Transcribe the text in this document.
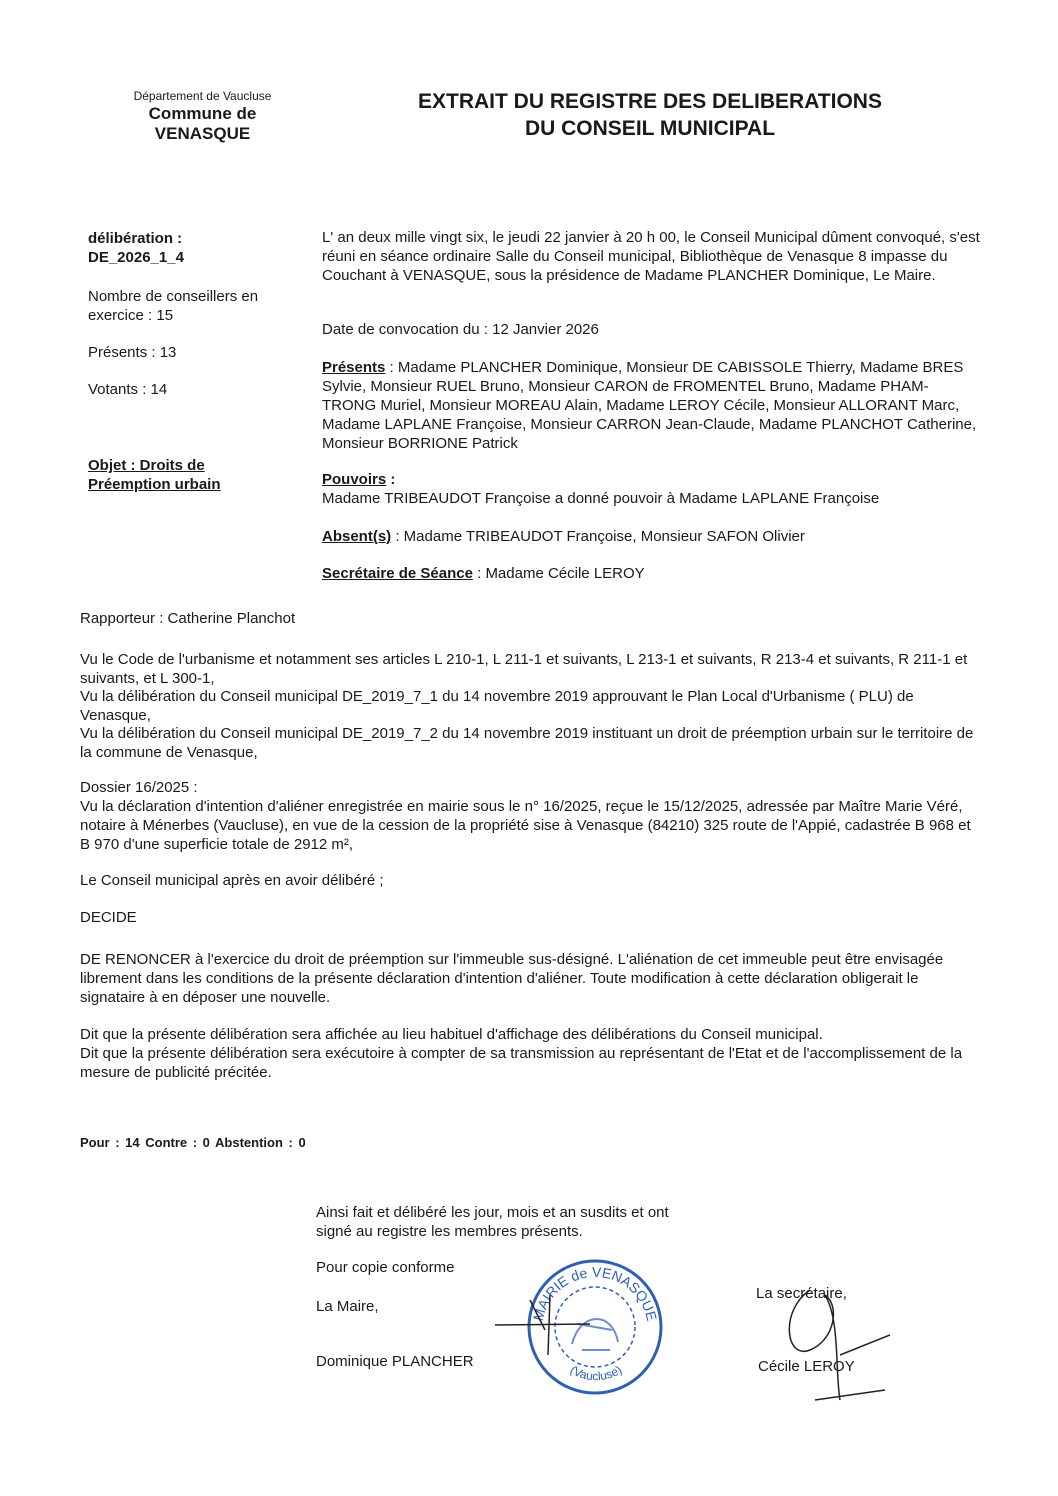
Département de Vaucluse
Commune de
VENASQUE
EXTRAIT DU REGISTRE DES DELIBERATIONS
DU CONSEIL MUNICIPAL
délibération :
DE_2026_1_4
Nombre de conseillers en
exercice : 15
Présents : 13
Votants : 14
Objet : Droits de
Préemption urbain

L' an deux mille vingt six, le jeudi 22 janvier à 20 h 00, le Conseil Municipal dûment convoqué, s'est réuni en séance ordinaire Salle du Conseil municipal, Bibliothèque de Venasque 8 impasse du Couchant à VENASQUE, sous la présidence de Madame PLANCHER Dominique, Le Maire.

Date de convocation du : 12 Janvier 2026

Présents : Madame PLANCHER Dominique, Monsieur DE CABISSOLE Thierry, Madame BRES Sylvie, Monsieur RUEL Bruno, Monsieur CARON de FROMENTEL Bruno, Madame PHAM-TRONG Muriel, Monsieur MOREAU Alain, Madame LEROY Cécile, Monsieur ALLORANT Marc, Madame LAPLANE Françoise, Monsieur CARRON Jean-Claude, Madame PLANCHOT Catherine, Monsieur BORRIONE Patrick

Pouvoirs :
Madame TRIBEAUDOT Françoise a donné pouvoir à Madame LAPLANE Françoise

Absent(s) : Madame TRIBEAUDOT Françoise, Monsieur SAFON Olivier

Secrétaire de Séance : Madame Cécile LEROY

Rapporteur : Catherine Planchot

Vu le Code de l'urbanisme et notamment ses articles L 210-1, L 211-1 et suivants, L 213-1 et suivants, R 213-4 et suivants, R 211-1 et suivants, et L 300-1,

Vu la délibération du Conseil municipal DE_2019_7_1 du 14 novembre 2019 approuvant le Plan Local d'Urbanisme ( PLU) de Venasque,

Vu la délibération du Conseil municipal DE_2019_7_2 du 14 novembre 2019 instituant un droit de préemption urbain sur le territoire de la commune de Venasque,

Dossier 16/2025 :

Vu la déclaration d'intention d'aliéner enregistrée en mairie sous le n° 16/2025, reçue le 15/12/2025, adressée par Maître Marie Véré, notaire à Ménerbes (Vaucluse), en vue de la cession de la propriété sise à Venasque (84210) 325 route de l'Appié, cadastrée B 968 et B 970 d'une superficie totale de 2912 m²,

Le Conseil municipal après en avoir délibéré ;

DECIDE

DE RENONCER à l'exercice du droit de préemption sur l'immeuble sus-désigné. L'aliénation de cet immeuble peut être envisagée librement dans les conditions de la présente déclaration d'intention d'aliéner. Toute modification à cette déclaration obligerait le signataire à en déposer une nouvelle.

Dit que la présente délibération sera affichée au lieu habituel d'affichage des délibérations du Conseil municipal.

Dit que la présente délibération sera exécutoire à compter de sa transmission au représentant de l'Etat et de l'accomplissement de la mesure de publicité précitée.

Pour : 14 Contre : 0 Abstention : 0
Ainsi fait et délibéré les jour, mois et an susdits et ont
signé au registre les membres présents.
Pour copie conforme
La Maire,
Dominique PLANCHER
MAIRIE de VENASQUE
(Vaucluse)
La secrétaire,
Cécile LEROY
